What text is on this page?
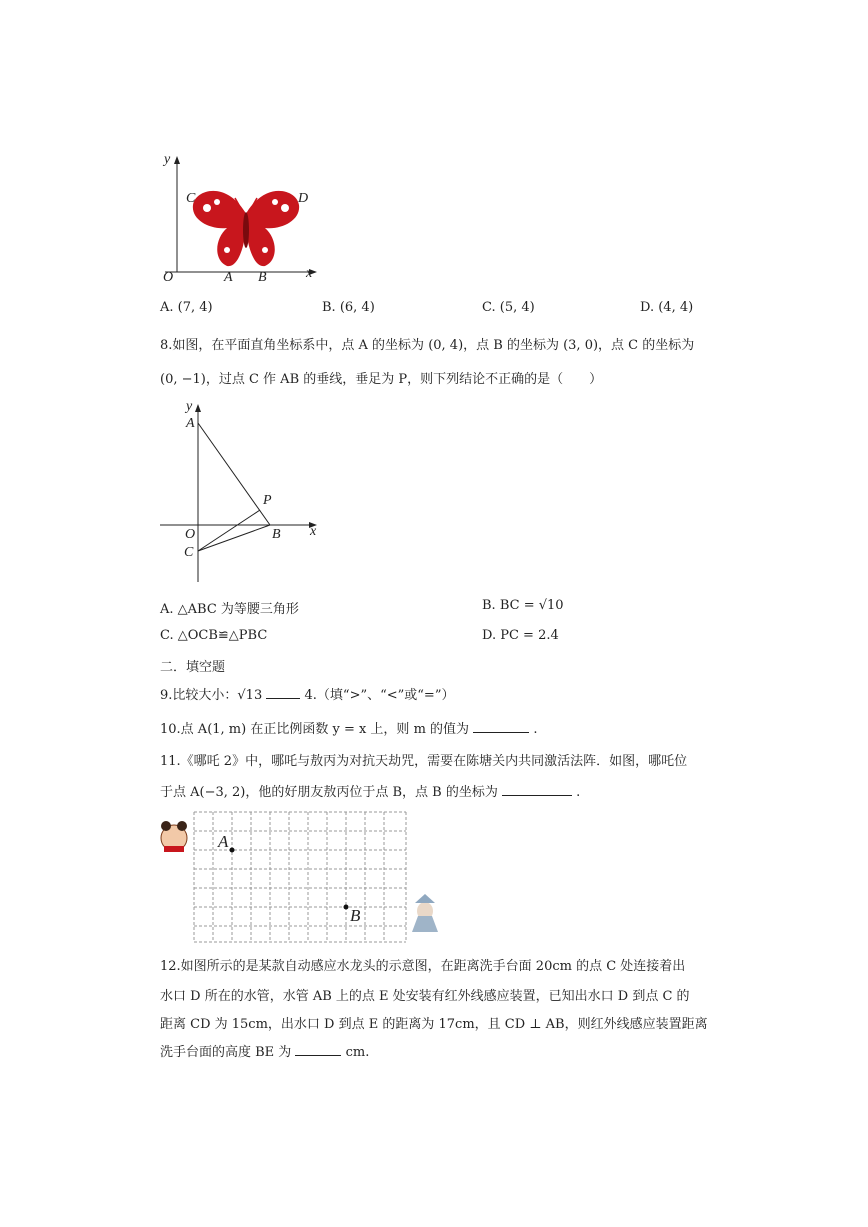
y
x
O
C	D
A B
A. (7, 4)	B. (6, 4)	C. (5, 4)	D. (4, 4)
8.如图，在平面直角坐标系中，点 A 的坐标为 (0, 4)，点 B 的坐标为 (3, 0)，点 C 的坐标为
(0, −1)，过点 C 作 AB 的垂线，垂足为 P，则下列结论不正确的是（　　）
y
A
P
O	B x
C
A. △ABC 为等腰三角形	B. BC = √10
C. △OCB≌△PBC	D. PC = 2.4
二．填空题
9.比较大小：√13	4.（填“>”、“<”或“=”）
10.点 A(1, m) 在正比例函数 y = x 上，则 m 的值为	.
11.《哪吒 2》中，哪吒与敖丙为对抗天劫咒，需要在陈塘关内共同激活法阵．如图，哪吒位
于点 A(−3, 2)，他的好朋友敖丙位于点 B，点 B 的坐标为	.
A
B
12.如图所示的是某款自动感应水龙头的示意图，在距离洗手台面 20cm 的点 C 处连接着出
水口 D 所在的水管，水管 AB 上的点 E 处安装有红外线感应装置，已知出水口 D 到点 C 的
距离 CD 为 15cm，出水口 D 到点 E 的距离为 17cm，且 CD ⊥ AB，则红外线感应装置距离
洗手台面的高度 BE 为	cm.
